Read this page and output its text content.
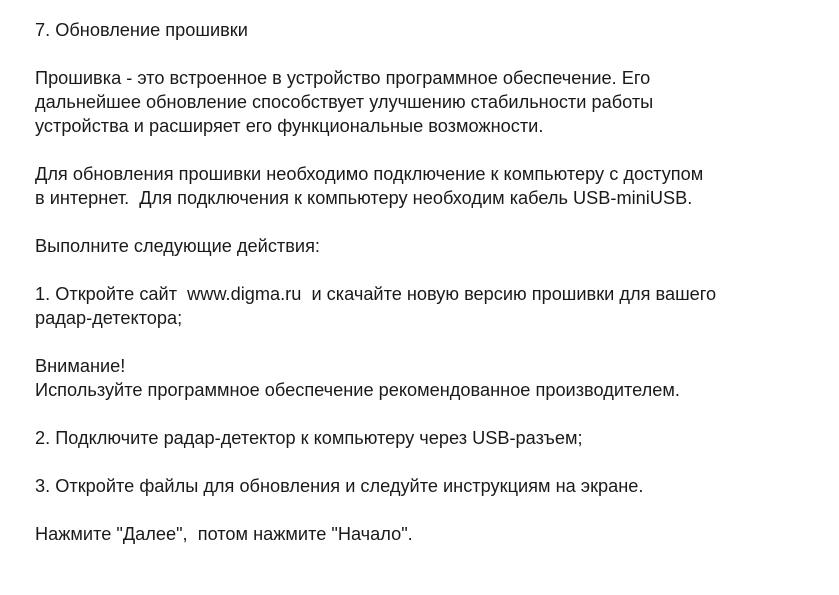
7. Обновление прошивки
Прошивка - это встроенное в устройство программное обеспечение. Его
дальнейшее обновление способствует улучшению стабильности работы
устройства и расширяет его функциональные возможности.
Для обновления прошивки необходимо подключение к компьютеру с доступом
в интернет.  Для подключения к компьютеру необходим кабель USB-miniUSB.
Выполните следующие действия:
1. Откройте сайт  www.digma.ru  и скачайте новую версию прошивки для вашего
радар-детектора;
Внимание!
Используйте программное обеспечение рекомендованное производителем.
2. Подключите радар-детектор к компьютеру через USB-разъем;
3. Откройте файлы для обновления и следуйте инструкциям на экране.
Нажмите "Далее",  потом нажмите "Начало".
